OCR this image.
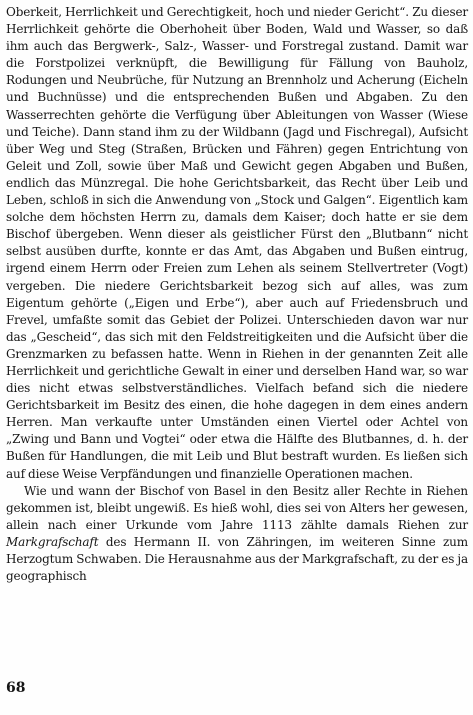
Oberkeit, Herrlichkeit und Gerechtigkeit, hoch und nieder Gericht“. Zu dieser Herrlichkeit gehörte die Oberhoheit über Boden, Wald und Wasser, so daß ihm auch das Bergwerk-, Salz-, Wasser- und Forstregal zustand. Damit war die Forstpolizei verknüpft, die Bewilligung für Fällung von Bauholz, Rodungen und Neubrüche, für Nutzung an Brennholz und Acherung (Eicheln und Buchnüsse) und die entsprechenden Bußen und Abgaben. Zu den Wasserrechten gehörte die Verfügung über Ableitungen von Wasser (Wiese und Teiche). Dann stand ihm zu der Wildbann (Jagd und Fischregal), Aufsicht über Weg und Steg (Straßen, Brücken und Fähren) gegen Entrichtung von Geleit und Zoll, sowie über Maß und Gewicht gegen Abgaben und Bußen, endlich das Münzregal. Die hohe Gerichtsbarkeit, das Recht über Leib und Leben, schloß in sich die Anwendung von „Stock und Galgen“. Eigentlich kam solche dem höchsten Herrn zu, damals dem Kaiser; doch hatte er sie dem Bischof übergeben. Wenn dieser als geistlicher Fürst den „Blutbann“ nicht selbst ausüben durfte, konnte er das Amt, das Abgaben und Bußen eintrug, irgend einem Herrn oder Freien zum Lehen als seinem Stellvertreter (Vogt) vergeben. Die niedere Gerichtsbarkeit bezog sich auf alles, was zum Eigentum gehörte („Eigen und Erbe“), aber auch auf Friedensbruch und Frevel, umfaßte somit das Gebiet der Polizei. Unterschieden davon war nur das „Gescheid“, das sich mit den Feldstreitigkeiten und die Aufsicht über die Grenzmarken zu befassen hatte. Wenn in Riehen in der genannten Zeit alle Herrlichkeit und gerichtliche Gewalt in einer und derselben Hand war, so war dies nicht etwas selbstverständliches. Vielfach befand sich die niedere Gerichtsbarkeit im Besitz des einen, die hohe dagegen in dem eines andern Herren. Man verkaufte unter Umständen einen Viertel oder Achtel von „Zwing und Bann und Vogtei“ oder etwa die Hälfte des Blutbannes, d. h. der Bußen für Handlungen, die mit Leib und Blut bestraft wurden. Es ließen sich auf diese Weise Verpfändungen und finanzielle Operationen machen.

Wie und wann der Bischof von Basel in den Besitz aller Rechte in Riehen gekommen ist, bleibt ungewiß. Es hieß wohl, dies sei von Alters her gewesen, allein nach einer Urkunde vom Jahre 1113 zählte damals Riehen zur Markgrafschaft des Hermann II. von Zähringen, im weiteren Sinne zum Herzogtum Schwaben. Die Herausnahme aus der Markgrafschaft, zu der es ja geographisch

68
